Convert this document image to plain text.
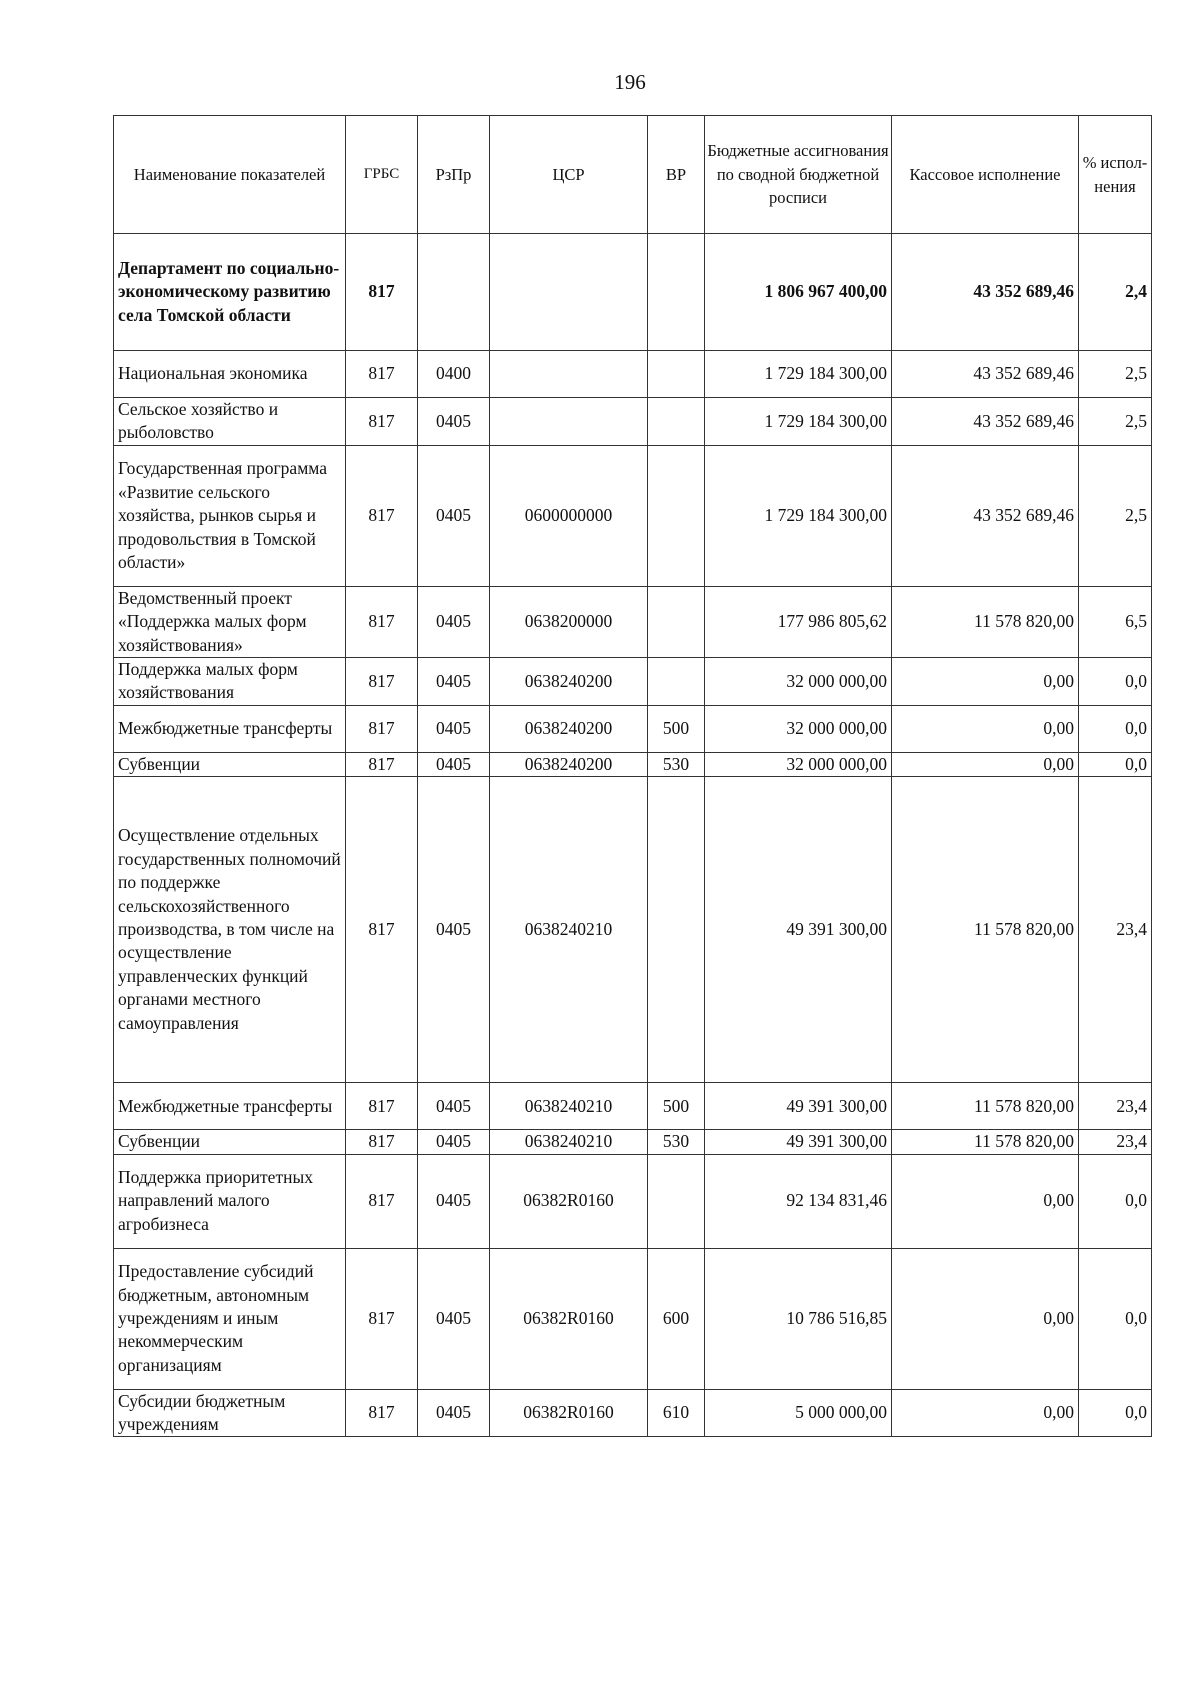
196
Наименование показателей	ГРБС	РзПр	ЦСР	ВР	Бюджетные ассигнования по сводной бюджетной росписи	Кассовое исполнение	% испол-нения
Департамент по социально-экономическому развитию села Томской области	817				1 806 967 400,00	43 352 689,46	2,4
Национальная экономика	817	0400			1 729 184 300,00	43 352 689,46	2,5
Сельское хозяйство и рыболовство	817	0405			1 729 184 300,00	43 352 689,46	2,5
Государственная программа «Развитие сельского хозяйства, рынков сырья и продовольствия в Томской области»	817	0405	0600000000		1 729 184 300,00	43 352 689,46	2,5
Ведомственный проект «Поддержка малых форм хозяйствования»	817	0405	0638200000		177 986 805,62	11 578 820,00	6,5
Поддержка малых форм хозяйствования	817	0405	0638240200		32 000 000,00	0,00	0,0
Межбюджетные трансферты	817	0405	0638240200	500	32 000 000,00	0,00	0,0
Субвенции	817	0405	0638240200	530	32 000 000,00	0,00	0,0
Осуществление отдельных государственных полномочий по поддержке сельскохозяйственного производства, в том числе на осуществление управленческих функций органами местного самоуправления	817	0405	0638240210		49 391 300,00	11 578 820,00	23,4
Межбюджетные трансферты	817	0405	0638240210	500	49 391 300,00	11 578 820,00	23,4
Субвенции	817	0405	0638240210	530	49 391 300,00	11 578 820,00	23,4
Поддержка приоритетных направлений малого агробизнеса	817	0405	06382R0160		92 134 831,46	0,00	0,0
Предоставление субсидий бюджетным, автономным учреждениям и иным некоммерческим организациям	817	0405	06382R0160	600	10 786 516,85	0,00	0,0
Субсидии бюджетным учреждениям	817	0405	06382R0160	610	5 000 000,00	0,00	0,0
